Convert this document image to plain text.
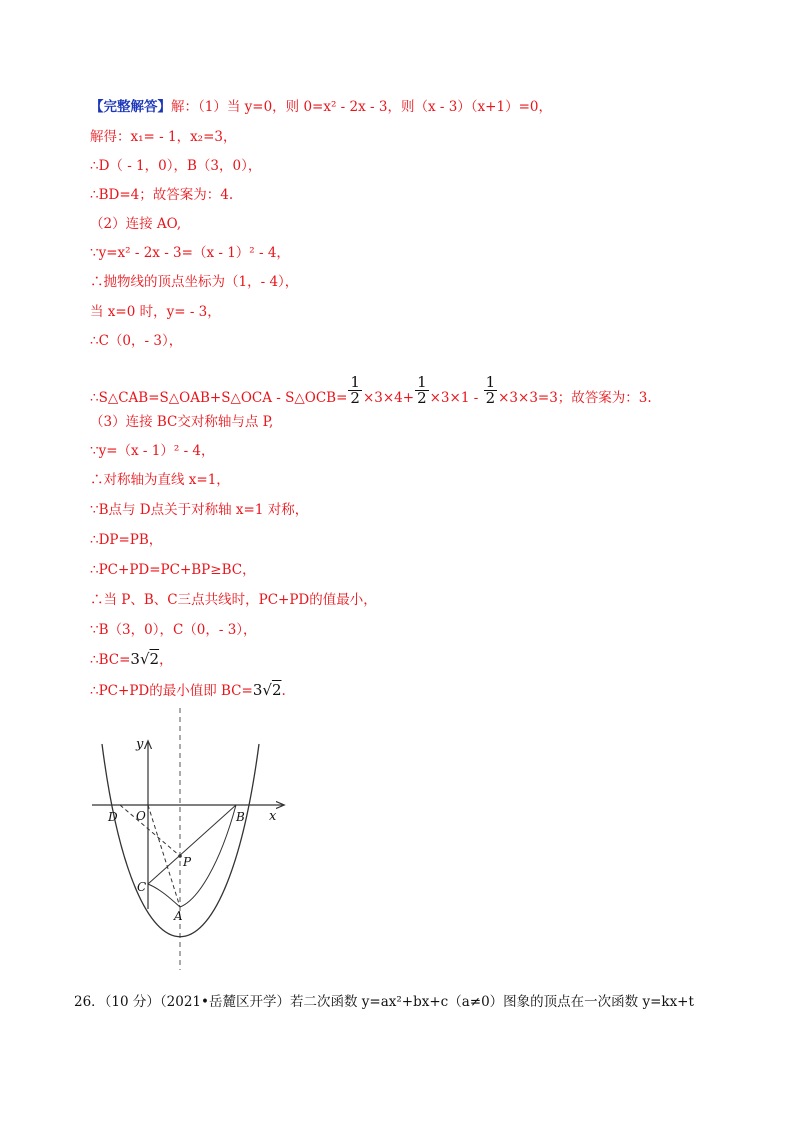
【完整解答】解：（1）当 y=0，则 0=x² - 2x - 3，则（x - 3）（x+1）=0，
解得：x₁= - 1，x₂=3，
∴D（ - 1，0），B（3，0），
∴BD=4；故答案为：4.
（2）连接 AO,
∵y=x² - 2x - 3=（x - 1）² - 4，
∴抛物线的顶点坐标为（1，- 4），
当 x=0 时，y= - 3，
∴C（0，- 3），
∴S△CAB=S△OAB+S△OCA - S△OCB= $\frac{1}{2} \times 3\times 4+ \frac{1}{2} \times 3\times 1 - \frac{1}{2} \times 3\times 3=3$；故答案为：3.
（3）连接 BC交对称轴与点 P,
∵y=（x - 1）² - 4，
∴对称轴为直线 x=1，
∵B点与 D点关于对称轴 x=1 对称，
∴DP=PB，
∴PC+PD=PC+BP≥BC，
∴当 P、B、C三点共线时，PC+PD的值最小，
∵B（3，0），C（0，- 3），
∴BC=3√2，
∴PC+PD的最小值即 BC=3√2.
y
x
O
D	B
C
A
P
26．（10 分）（2021•岳麓区开学）若二次函数 y=ax²+bx+c（a≠0）图象的顶点在一次函数 y=kx+t
